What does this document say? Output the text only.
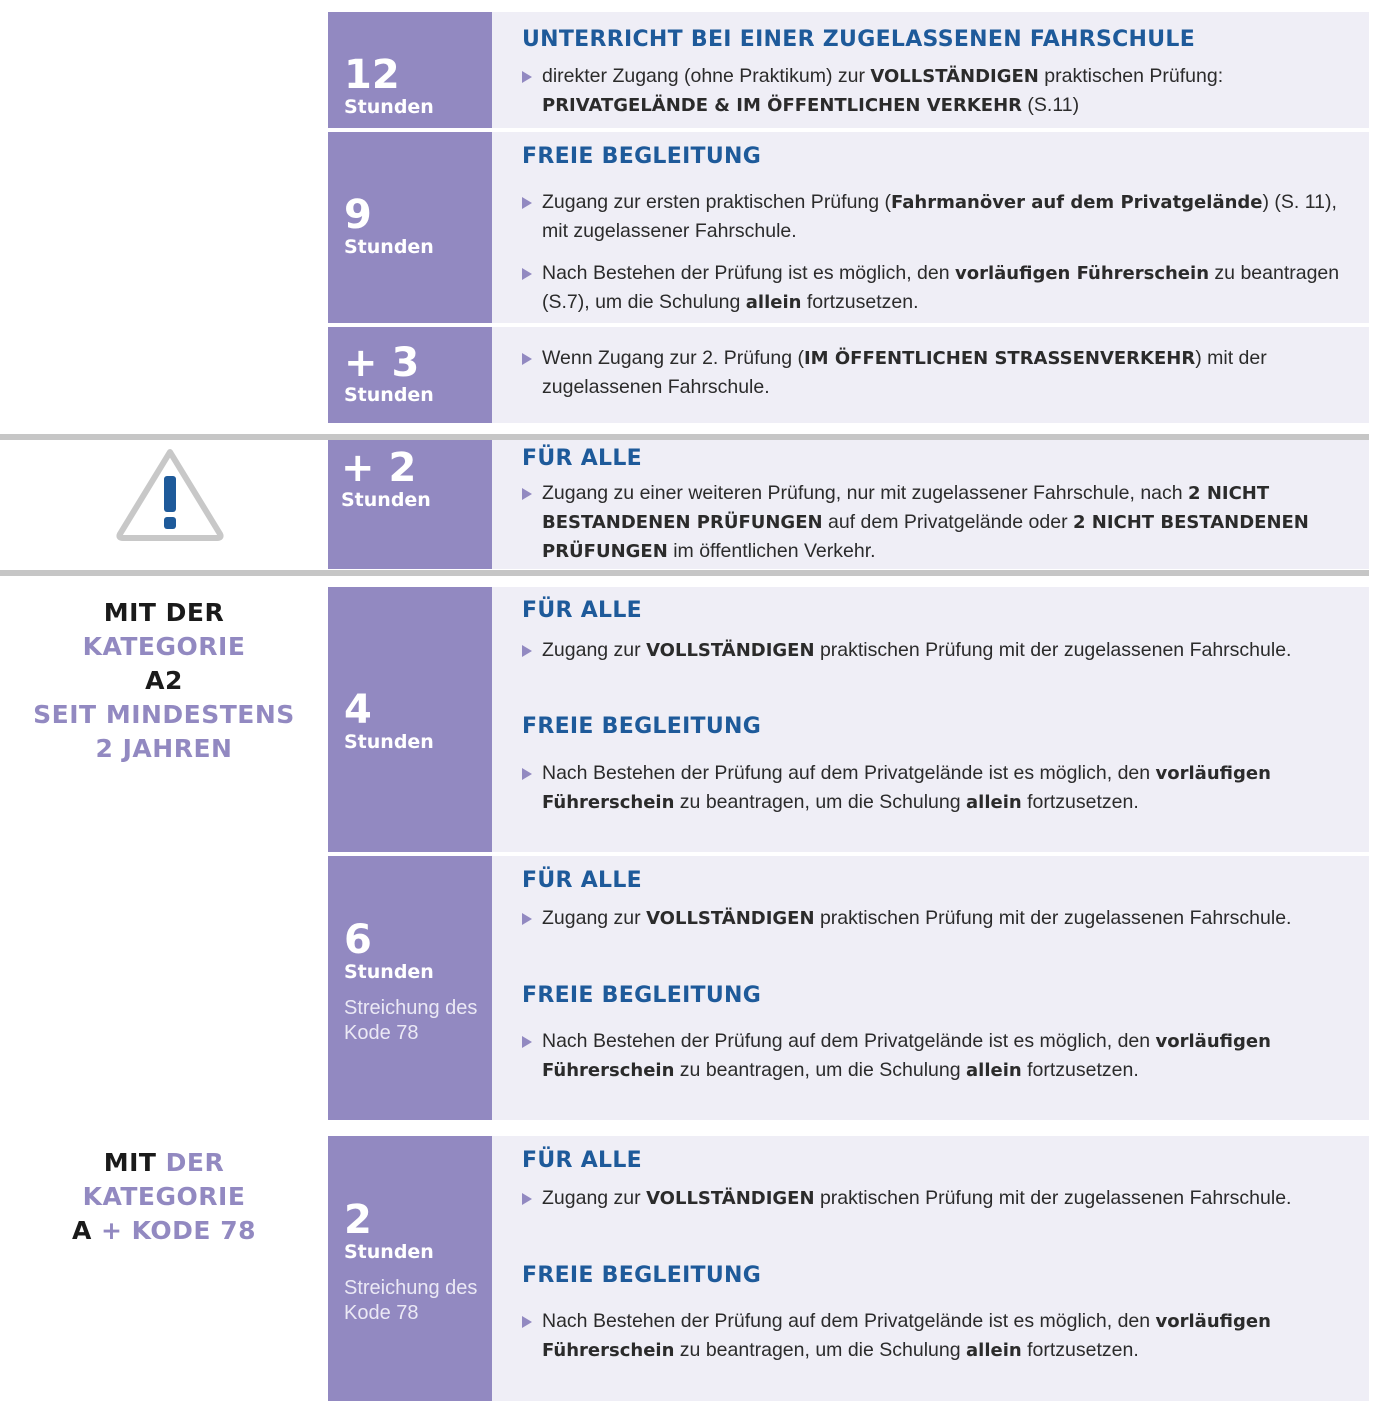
12
Stunden
UNTERRICHT BEI EINER ZUGELASSENEN FAHRSCHULE
direkter Zugang (ohne Praktikum) zur VOLLSTÄNDIGEN praktischen Prüfung: PRIVATGELÄNDE & IM ÖFFENTLICHEN VERKEHR (S.11)
9
Stunden
FREIE BEGLEITUNG
Zugang zur ersten praktischen Prüfung (Fahrmanöver auf dem Privatgelände) (S. 11), mit zugelassener Fahrschule.
Nach Bestehen der Prüfung ist es möglich, den vorläufigen Führerschein zu beantragen (S.7), um die Schulung allein fortzusetzen.
+ 3
Stunden
Wenn Zugang zur 2. Prüfung (IM ÖFFENTLICHEN STRASSENVERKEHR) mit der zugelassenen Fahrschule.
+ 2
Stunden
FÜR ALLE
Zugang zu einer weiteren Prüfung, nur mit zugelassener Fahrschule, nach 2 NICHT BESTANDENEN PRÜFUNGEN auf dem Privatgelände oder 2 NICHT BESTANDENEN PRÜFUNGEN im öffentlichen Verkehr.
MIT DER
KATEGORIE
A2
SEIT MINDESTENS
2 JAHREN
4
Stunden
FÜR ALLE
Zugang zur VOLLSTÄNDIGEN praktischen Prüfung mit der zugelassenen Fahrschule.
FREIE BEGLEITUNG
Nach Bestehen der Prüfung auf dem Privatgelände ist es möglich, den vorläufigen Führerschein zu beantragen, um die Schulung allein fortzusetzen.
6
Stunden
Streichung des Kode 78
FÜR ALLE
Zugang zur VOLLSTÄNDIGEN praktischen Prüfung mit der zugelassenen Fahrschule.
FREIE BEGLEITUNG
Nach Bestehen der Prüfung auf dem Privatgelände ist es möglich, den vorläufigen Führerschein zu beantragen, um die Schulung allein fortzusetzen.
MIT DER
KATEGORIE
A + KODE 78	2
Stunden
Streichung des Kode 78
FÜR ALLE
Zugang zur VOLLSTÄNDIGEN praktischen Prüfung mit der zugelassenen Fahrschule.
FREIE BEGLEITUNG
Nach Bestehen der Prüfung auf dem Privatgelände ist es möglich, den vorläufigen Führerschein zu beantragen, um die Schulung allein fortzusetzen.
